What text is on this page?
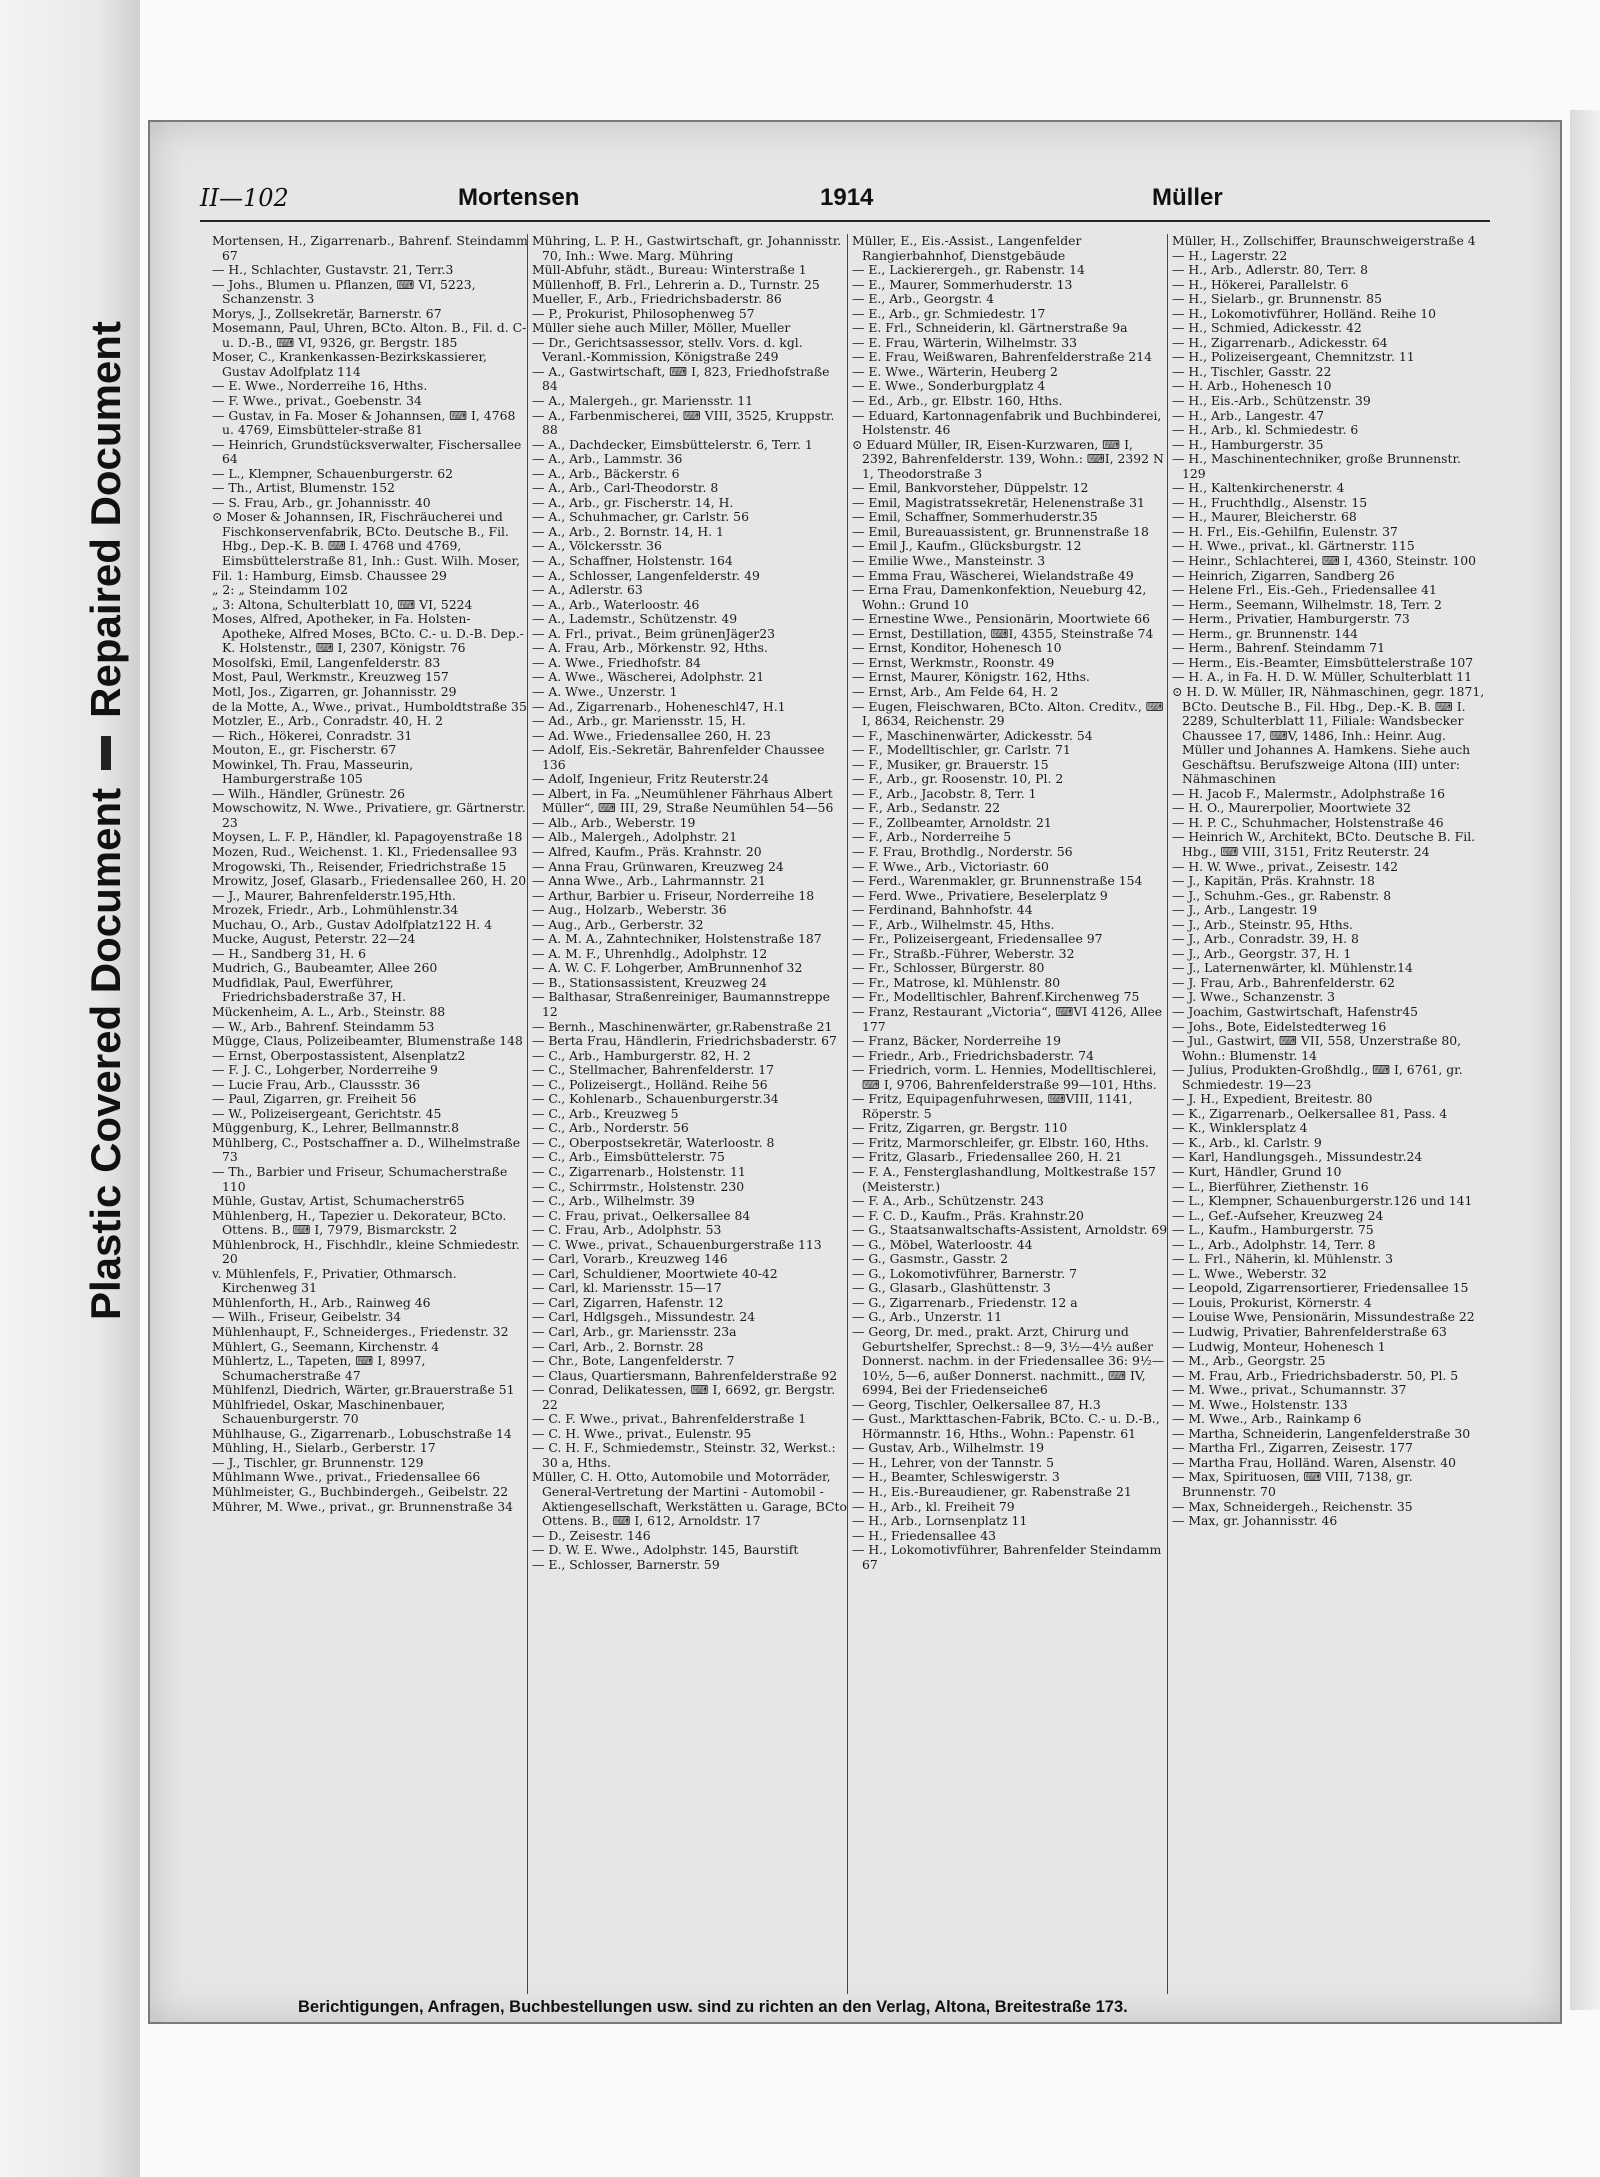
Plastic Covered Document
Repaired Document
II—102	Mortensen	1914	Müller

Mortensen, H., Zigarrenarb., Bahrenf. Steindamm 67

— H., Schlachter, Gustavstr. 21, Terr.3

— Johs., Blumen u. Pflanzen, ⌨ VI, 5223, Schanzenstr. 3

Morys, J., Zollsekretär, Barnerstr. 67

Mosemann, Paul, Uhren, BCto. Alton. B., Fil. d. C- u. D.-B., ⌨ VI, 9326, gr. Bergstr. 185

Moser, C., Krankenkassen-Bezirkskassierer, Gustav Adolfplatz 114

— E. Wwe., Norderreihe 16, Hths.

— F. Wwe., privat., Goebenstr. 34

— Gustav, in Fa. Moser & Johannsen, ⌨ I, 4768 u. 4769, Eimsbütteler-straße 81

— Heinrich, Grundstücksverwalter, Fischersallee 64

— L., Klempner, Schauenburgerstr. 62

— Th., Artist, Blumenstr. 152

— S. Frau, Arb., gr. Johannisstr. 40

⊙ Moser & Johannsen, IR, Fischräucherei und Fischkonservenfabrik, BCto. Deutsche B., Fil. Hbg., Dep.-K. B. ⌨ I. 4768 und 4769, Eimsbüttelerstraße 81, Inh.: Gust. Wilh. Moser,

Fil. 1: Hamburg, Eimsb. Chaussee 29

„ 2: „ Steindamm 102

„ 3: Altona, Schulterblatt 10, ⌨ VI, 5224

Moses, Alfred, Apotheker, in Fa. Holsten-Apotheke, Alfred Moses, BCto. C.- u. D.-B. Dep.-K. Holstenstr., ⌨ I, 2307, Königstr. 76

Mosolfski, Emil, Langenfelderstr. 83

Most, Paul, Werkmstr., Kreuzweg 157

Motl, Jos., Zigarren, gr. Johannisstr. 29

de la Motte, A., Wwe., privat., Humboldtstraße 35

Motzler, E., Arb., Conradstr. 40, H. 2

— Rich., Hökerei, Conradstr. 31

Mouton, E., gr. Fischerstr. 67

Mowinkel, Th. Frau, Masseurin, Hamburgerstraße 105

— Wilh., Händler, Grünestr. 26

Mowschowitz, N. Wwe., Privatiere, gr. Gärtnerstr. 23

Moysen, L. F. P., Händler, kl. Papagoyenstraße 18

Mozen, Rud., Weichenst. 1. Kl., Friedensallee 93

Mrogowski, Th., Reisender, Friedrichstraße 15

Mrowitz, Josef, Glasarb., Friedensallee 260, H. 20

— J., Maurer, Bahrenfelderstr.195,Hth.

Mrozek, Friedr., Arb., Lohmühlenstr.34

Muchau, O., Arb., Gustav Adolfplatz122 H. 4

Mucke, August, Peterstr. 22—24

— H., Sandberg 31, H. 6

Mudrich, G., Baubeamter, Allee 260

Mudfidlak, Paul, Ewerführer, Friedrichsbaderstraße 37, H.

Mückenheim, A. L., Arb., Steinstr. 88

— W., Arb., Bahrenf. Steindamm 53

Mügge, Claus, Polizeibeamter, Blumenstraße 148

— Ernst, Oberpostassistent, Alsenplatz2

— F. J. C., Lohgerber, Norderreihe 9

— Lucie Frau, Arb., Claussstr. 36

— Paul, Zigarren, gr. Freiheit 56

— W., Polizeisergeant, Gerichtstr. 45

Müggenburg, K., Lehrer, Bellmannstr.8

Mühlberg, C., Postschaffner a. D., Wilhelmstraße 73

— Th., Barbier und Friseur, Schumacherstraße 110

Mühle, Gustav, Artist, Schumacherstr65

Mühlenberg, H., Tapezier u. Dekorateur, BCto. Ottens. B., ⌨ I, 7979, Bismarckstr. 2

Mühlenbrock, H., Fischhdlr., kleine Schmiedestr. 20

v. Mühlenfels, F., Privatier, Othmarsch. Kirchenweg 31

Mühlenforth, H., Arb., Rainweg 46

— Wilh., Friseur, Geibelstr. 34

Mühlenhaupt, F., Schneiderges., Friedenstr. 32

Mühlert, G., Seemann, Kirchenstr. 4

Mühlertz, L., Tapeten, ⌨ I, 8997, Schumacherstraße 47

Mühlfenzl, Diedrich, Wärter, gr.Brauerstraße 51

Mühlfriedel, Oskar, Maschinenbauer, Schauenburgerstr. 70

Mühlhause, G., Zigarrenarb., Lobuschstraße 14

Mühling, H., Sielarb., Gerberstr. 17

— J., Tischler, gr. Brunnenstr. 129

Mühlmann Wwe., privat., Friedensallee 66

Mühlmeister, G., Buchbindergeh., Geibelstr. 22

Mührer, M. Wwe., privat., gr. Brunnenstraße 34

Mühring, L. P. H., Gastwirtschaft, gr. Johannisstr. 70, Inh.: Wwe. Marg. Mühring

Müll-Abfuhr, städt., Bureau: Winterstraße 1

Müllenhoff, B. Frl., Lehrerin a. D., Turnstr. 25

Mueller, F., Arb., Friedrichsbaderstr. 86

— P., Prokurist, Philosophenweg 57

Müller siehe auch Miller, Möller, Mueller

— Dr., Gerichtsassessor, stellv. Vors. d. kgl. Veranl.-Kommission, Königstraße 249

— A., Gastwirtschaft, ⌨ I, 823, Friedhofstraße 84

— A., Malergeh., gr. Mariensstr. 11

— A., Farbenmischerei, ⌨ VIII, 3525, Kruppstr. 88

— A., Dachdecker, Eimsbüttelerstr. 6, Terr. 1

— A., Arb., Lammstr. 36

— A., Arb., Bäckerstr. 6

— A., Arb., Carl-Theodorstr. 8

— A., Arb., gr. Fischerstr. 14, H.

— A., Schuhmacher, gr. Carlstr. 56

— A., Arb., 2. Bornstr. 14, H. 1

— A., Völckersstr. 36

— A., Schaffner, Holstenstr. 164

— A., Schlosser, Langenfelderstr. 49

— A., Adlerstr. 63

— A., Arb., Waterloostr. 46

— A., Lademstr., Schützenstr. 49

— A. Frl., privat., Beim grünenJäger23

— A. Frau, Arb., Mörkenstr. 92, Hths.

— A. Wwe., Friedhofstr. 84

— A. Wwe., Wäscherei, Adolphstr. 21

— A. Wwe., Unzerstr. 1

— Ad., Zigarrenarb., Hoheneschl47, H.1

— Ad., Arb., gr. Mariensstr. 15, H.

— Ad. Wwe., Friedensallee 260, H. 23

— Adolf, Eis.-Sekretär, Bahrenfelder Chaussee 136

— Adolf, Ingenieur, Fritz Reuterstr.24

— Albert, in Fa. „Neumühlener Fährhaus Albert Müller“, ⌨ III, 29, Straße Neumühlen 54—56

— Alb., Arb., Weberstr. 19

— Alb., Malergeh., Adolphstr. 21

— Alfred, Kaufm., Präs. Krahnstr. 20

— Anna Frau, Grünwaren, Kreuzweg 24

— Anna Wwe., Arb., Lahrmannstr. 21

— Arthur, Barbier u. Friseur, Norderreihe 18

— Aug., Holzarb., Weberstr. 36

— Aug., Arb., Gerberstr. 32

— A. M. A., Zahntechniker, Holstenstraße 187

— A. M. F., Uhrenhdlg., Adolphstr. 12

— A. W. C. F. Lohgerber, AmBrunnenhof 32

— B., Stationsassistent, Kreuzweg 24

— Balthasar, Straßenreiniger, Baumannstreppe 12

— Bernh., Maschinenwärter, gr.Rabenstraße 21

— Berta Frau, Händlerin, Friedrichsbaderstr. 67

— C., Arb., Hamburgerstr. 82, H. 2

— C., Stellmacher, Bahrenfelderstr. 17

— C., Polizeisergt., Holländ. Reihe 56

— C., Kohlenarb., Schauenburgerstr.34

— C., Arb., Kreuzweg 5

— C., Arb., Norderstr. 56

— C., Oberpostsekretär, Waterloostr. 8

— C., Arb., Eimsbüttelerstr. 75

— C., Zigarrenarb., Holstenstr. 11

— C., Schirrmstr., Holstenstr. 230

— C., Arb., Wilhelmstr. 39

— C. Frau, privat., Oelkersallee 84

— C. Frau, Arb., Adolphstr. 53

— C. Wwe., privat., Schauenburgerstraße 113

— Carl, Vorarb., Kreuzweg 146

— Carl, Schuldiener, Moortwiete 40-42

— Carl, kl. Mariensstr. 15—17

— Carl, Zigarren, Hafenstr. 12

— Carl, Hdlgsgeh., Missundestr. 24

— Carl, Arb., gr. Mariensstr. 23a

— Carl, Arb., 2. Bornstr. 28

— Chr., Bote, Langenfelderstr. 7

— Claus, Quartiersmann, Bahrenfelderstraße 92

— Conrad, Delikatessen, ⌨ I, 6692, gr. Bergstr. 22

— C. F. Wwe., privat., Bahrenfelderstraße 1

— C. H. Wwe., privat., Eulenstr. 95

— C. H. F., Schmiedemstr., Steinstr. 32, Werkst.: 30 a, Hths.

Müller, C. H. Otto, Automobile und Motorräder, General-Vertretung der Martini - Automobil - Aktiengesellschaft, Werkstätten u. Garage, BCto Ottens. B., ⌨ I, 612, Arnoldstr. 17

— D., Zeisestr. 146

— D. W. E. Wwe., Adolphstr. 145, Baurstift

— E., Schlosser, Barnerstr. 59

Müller, E., Eis.-Assist., Langenfelder Rangierbahnhof, Dienstgebäude

— E., Lackierergeh., gr. Rabenstr. 14

— E., Maurer, Sommerhuderstr. 13

— E., Arb., Georgstr. 4

— E., Arb., gr. Schmiedestr. 17

— E. Frl., Schneiderin, kl. Gärtnerstraße 9a

— E. Frau, Wärterin, Wilhelmstr. 33

— E. Frau, Weißwaren, Bahrenfelderstraße 214

— E. Wwe., Wärterin, Heuberg 2

— E. Wwe., Sonderburgplatz 4

— Ed., Arb., gr. Elbstr. 160, Hths.

— Eduard, Kartonnagenfabrik und Buchbinderei, Holstenstr. 46

⊙ Eduard Müller, IR, Eisen-Kurzwaren, ⌨ I, 2392, Bahrenfelderstr. 139, Wohn.: ⌨I, 2392 N 1, Theodorstraße 3

— Emil, Bankvorsteher, Düppelstr. 12

— Emil, Magistratssekretär, Helenenstraße 31

— Emil, Schaffner, Sommerhuderstr.35

— Emil, Bureauassistent, gr. Brunnenstraße 18

— Emil J., Kaufm., Glücksburgstr. 12

— Emilie Wwe., Mansteinstr. 3

— Emma Frau, Wäscherei, Wielandstraße 49

— Erna Frau, Damenkonfektion, Neueburg 42, Wohn.: Grund 10

— Ernestine Wwe., Pensionärin, Moortwiete 66

— Ernst, Destillation, ⌨I, 4355, Steinstraße 74

— Ernst, Konditor, Hohenesch 10

— Ernst, Werkmstr., Roonstr. 49

— Ernst, Maurer, Königstr. 162, Hths.

— Ernst, Arb., Am Felde 64, H. 2

— Eugen, Fleischwaren, BCto. Alton. Creditv., ⌨ I, 8634, Reichenstr. 29

— F., Maschinenwärter, Adickesstr. 54

— F., Modelltischler, gr. Carlstr. 71

— F., Musiker, gr. Brauerstr. 15

— F., Arb., gr. Roosenstr. 10, Pl. 2

— F., Arb., Jacobstr. 8, Terr. 1

— F., Arb., Sedanstr. 22

— F., Zollbeamter, Arnoldstr. 21

— F., Arb., Norderreihe 5

— F. Frau, Brothdlg., Norderstr. 56

— F. Wwe., Arb., Victoriastr. 60

— Ferd., Warenmakler, gr. Brunnenstraße 154

— Ferd. Wwe., Privatiere, Beselerplatz 9

— Ferdinand, Bahnhofstr. 44

— F., Arb., Wilhelmstr. 45, Hths.

— Fr., Polizeisergeant, Friedensallee 97

— Fr., Straßb.-Führer, Weberstr. 32

— Fr., Schlosser, Bürgerstr. 80

— Fr., Matrose, kl. Mühlenstr. 80

— Fr., Modelltischler, Bahrenf.Kirchenweg 75

— Franz, Restaurant „Victoria“, ⌨VI 4126, Allee 177

— Franz, Bäcker, Norderreihe 19

— Friedr., Arb., Friedrichsbaderstr. 74

— Friedrich, vorm. L. Hennies, Modelltischlerei, ⌨ I, 9706, Bahrenfelderstraße 99—101, Hths.

— Fritz, Equipagenfuhrwesen, ⌨VIII, 1141, Röperstr. 5

— Fritz, Zigarren, gr. Bergstr. 110

— Fritz, Marmorschleifer, gr. Elbstr. 160, Hths.

— Fritz, Glasarb., Friedensallee 260, H. 21

— F. A., Fensterglashandlung, Moltkestraße 157 (Meisterstr.)

— F. A., Arb., Schützenstr. 243

— F. C. D., Kaufm., Präs. Krahnstr.20

— G., Staatsanwaltschafts-Assistent, Arnoldstr. 69

— G., Möbel, Waterloostr. 44

— G., Gasmstr., Gasstr. 2

— G., Lokomotivführer, Barnerstr. 7

— G., Glasarb., Glashüttenstr. 3

— G., Zigarrenarb., Friedenstr. 12 a

— G., Arb., Unzerstr. 11

— Georg, Dr. med., prakt. Arzt, Chirurg und Geburtshelfer, Sprechst.: 8—9, 3½—4½ außer Donnerst. nachm. in der Friedensallee 36: 9½—10½, 5—6, außer Donnerst. nachmitt., ⌨ IV, 6994, Bei der Friedenseiche6

— Georg, Tischler, Oelkersallee 87, H.3

— Gust., Markttaschen-Fabrik, BCto. C.- u. D.-B., Hörmannstr. 16, Hths., Wohn.: Papenstr. 61

— Gustav, Arb., Wilhelmstr. 19

— H., Lehrer, von der Tannstr. 5

— H., Beamter, Schleswigerstr. 3

— H., Eis.-Bureaudiener, gr. Rabenstraße 21

— H., Arb., kl. Freiheit 79

— H., Arb., Lornsenplatz 11

— H., Friedensallee 43

— H., Lokomotivführer, Bahrenfelder Steindamm 67

Müller, H., Zollschiffer, Braunschweigerstraße 4

— H., Lagerstr. 22

— H., Arb., Adlerstr. 80, Terr. 8

— H., Hökerei, Parallelstr. 6

— H., Sielarb., gr. Brunnenstr. 85

— H., Lokomotivführer, Holländ. Reihe 10

— H., Schmied, Adickesstr. 42

— H., Zigarrenarb., Adickesstr. 64

— H., Polizeisergeant, Chemnitzstr. 11

— H., Tischler, Gasstr. 22

— H. Arb., Hohenesch 10

— H., Eis.-Arb., Schützenstr. 39

— H., Arb., Langestr. 47

— H., Arb., kl. Schmiedestr. 6

— H., Hamburgerstr. 35

— H., Maschinentechniker, große Brunnenstr. 129

— H., Kaltenkirchenerstr. 4

— H., Fruchthdlg., Alsenstr. 15

— H., Maurer, Bleicherstr. 68

— H. Frl., Eis.-Gehilfin, Eulenstr. 37

— H. Wwe., privat., kl. Gärtnerstr. 115

— Heinr., Schlachterei, ⌨ I, 4360, Steinstr. 100

— Heinrich, Zigarren, Sandberg 26

— Helene Frl., Eis.-Geh., Friedensallee 41

— Herm., Seemann, Wilhelmstr. 18, Terr. 2

— Herm., Privatier, Hamburgerstr. 73

— Herm., gr. Brunnenstr. 144

— Herm., Bahrenf. Steindamm 71

— Herm., Eis.-Beamter, Eimsbüttelerstraße 107

— H. A., in Fa. H. D. W. Müller, Schulterblatt 11

⊙ H. D. W. Müller, IR, Nähmaschinen, gegr. 1871, BCto. Deutsche B., Fil. Hbg., Dep.-K. B. ⌨ I. 2289, Schulterblatt 11, Filiale: Wandsbecker Chaussee 17, ⌨V, 1486, Inh.: Heinr. Aug. Müller und Johannes A. Hamkens. Siehe auch Geschäftsu. Berufszweige Altona (III) unter: Nähmaschinen

— H. Jacob F., Malermstr., Adolphstraße 16

— H. O., Maurerpolier, Moortwiete 32

— H. P. C., Schuhmacher, Holstenstraße 46

— Heinrich W., Architekt, BCto. Deutsche B. Fil. Hbg., ⌨ VIII, 3151, Fritz Reuterstr. 24

— H. W. Wwe., privat., Zeisestr. 142

— J., Kapitän, Präs. Krahnstr. 18

— J., Schuhm.-Ges., gr. Rabenstr. 8

— J., Arb., Langestr. 19

— J., Arb., Steinstr. 95, Hths.

— J., Arb., Conradstr. 39, H. 8

— J., Arb., Georgstr. 37, H. 1

— J., Laternenwärter, kl. Mühlenstr.14

— J. Frau, Arb., Bahrenfelderstr. 62

— J. Wwe., Schanzenstr. 3

— Joachim, Gastwirtschaft, Hafenstr45

— Johs., Bote, Eidelstedterweg 16

— Jul., Gastwirt, ⌨ VII, 558, Unzerstraße 80, Wohn.: Blumenstr. 14

— Julius, Produkten-Großhdlg., ⌨ I, 6761, gr. Schmiedestr. 19—23

— J. H., Expedient, Breitestr. 80

— K., Zigarrenarb., Oelkersallee 81, Pass. 4

— K., Winklersplatz 4

— K., Arb., kl. Carlstr. 9

— Karl, Handlungsgeh., Missundestr.24

— Kurt, Händler, Grund 10

— L., Bierführer, Ziethenstr. 16

— L., Klempner, Schauenburgerstr.126 und 141

— L., Gef.-Aufseher, Kreuzweg 24

— L., Kaufm., Hamburgerstr. 75

— L., Arb., Adolphstr. 14, Terr. 8

— L. Frl., Näherin, kl. Mühlenstr. 3

— L. Wwe., Weberstr. 32

— Leopold, Zigarrensortierer, Friedensallee 15

— Louis, Prokurist, Körnerstr. 4

— Louise Wwe, Pensionärin, Missundestraße 22

— Ludwig, Privatier, Bahrenfelderstraße 63

— Ludwig, Monteur, Hohenesch 1

— M., Arb., Georgstr. 25

— M. Frau, Arb., Friedrichsbaderstr. 50, Pl. 5

— M. Wwe., privat., Schumannstr. 37

— M. Wwe., Holstenstr. 133

— M. Wwe., Arb., Rainkamp 6

— Martha, Schneiderin, Langenfelderstraße 30

— Martha Frl., Zigarren, Zeisestr. 177

— Martha Frau, Holländ. Waren, Alsenstr. 40

— Max, Spirituosen, ⌨ VIII, 7138, gr. Brunnenstr. 70

— Max, Schneidergeh., Reichenstr. 35

— Max, gr. Johannisstr. 46

Berichtigungen, Anfragen, Buchbestellungen usw. sind zu richten an den Verlag, Altona, Breitestraße 173.
